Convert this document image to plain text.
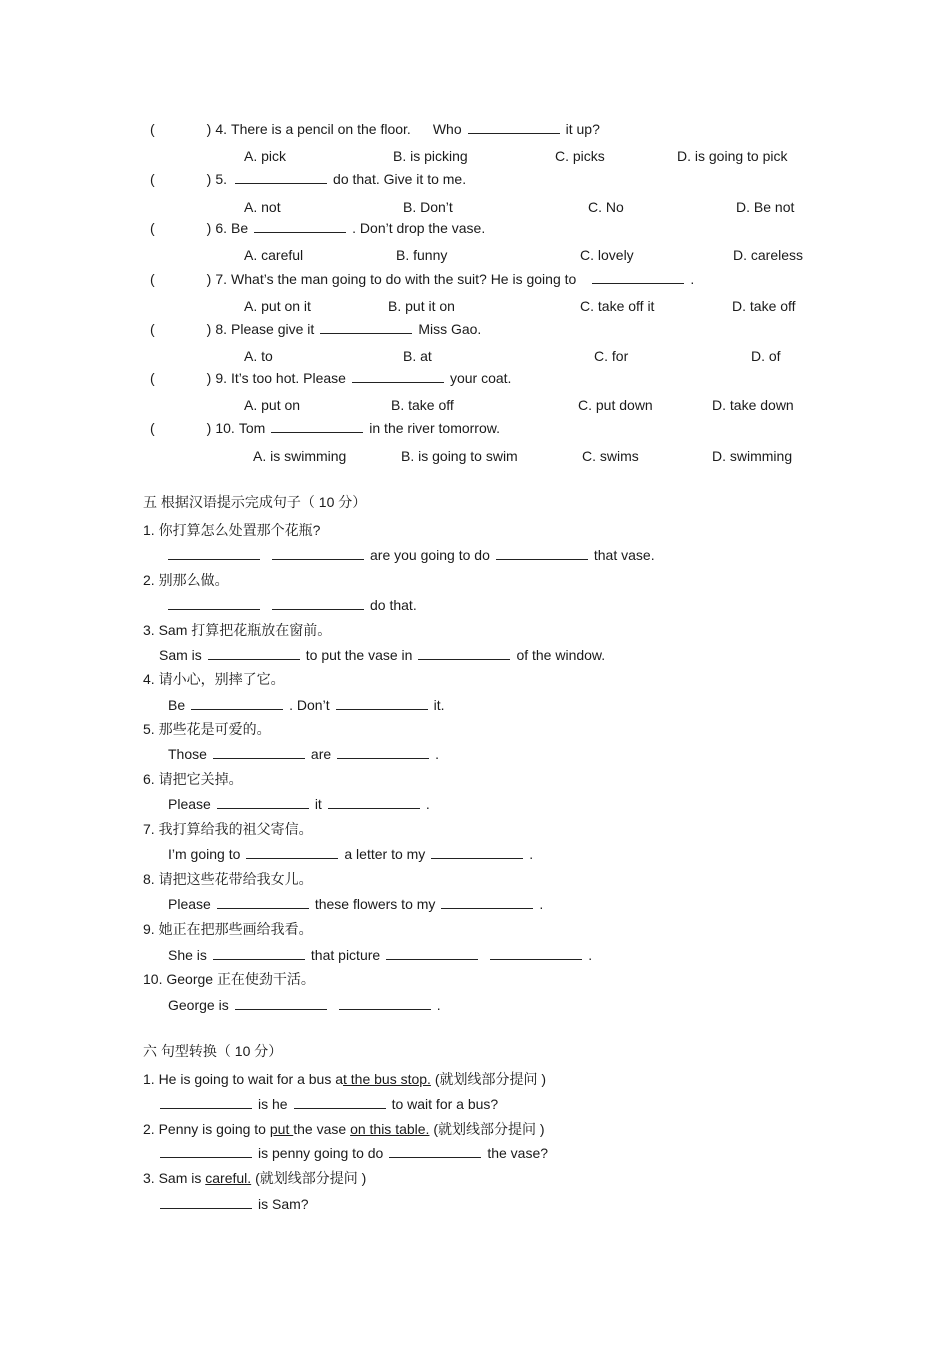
(	) 4. There is a pencil on the floor. Who	it up?
A. pick	B. is picking	C. picks	D. is going to pick
(	) 5.	do that. Give it to me.
A. not	B. Don’t	C. No	D. Be not
(	) 6. Be	. Don’t drop the vase.
A. careful	B. funny	C. lovely	D. careless
(	) 7. What’s the man going to do with the suit? He is going to	.
A. put on it	B. put it on	C. take off it	D. take off
(	) 8. Please give it	Miss Gao.
A. to	B. at	C. for	D. of
(	) 9. It’s too hot. Please	your coat.
A. put on	B. take off	C. put down	D. take down
(	) 10. Tom	in the river tomorrow.
A. is swimming	B. is going to swim	C. swims	D. swimming
五 根据汉语提示完成句子（ 10 分）
1. 你打算怎么处置那个花瓶?
are you going to do	that vase.
2. 别那么做。
do that.
3. Sam 打算把花瓶放在窗前。
Sam is	to put the vase in	of the window.
4. 请小心，别摔了它。
Be	. Don’t	it.
5. 那些花是可爱的。
Those	are	.
6. 请把它关掉。
Please	it	.
7. 我打算给我的祖父寄信。
I’m going to	a letter to my	.
8. 请把这些花带给我女儿。
Please	these flowers to my	.
9. 她正在把那些画给我看。
She is	that picture	.
10. George 正在使劲干活。
George is	.
六 句型转换（ 10 分）
1. He is going to wait for a bus at the bus stop. (就划线部分提问 )
is he	to wait for a bus?
2. Penny is going to put the vase on this table. (就划线部分提问 )
is penny going to do	the vase?
3. Sam is careful. (就划线部分提问 )
is Sam?
